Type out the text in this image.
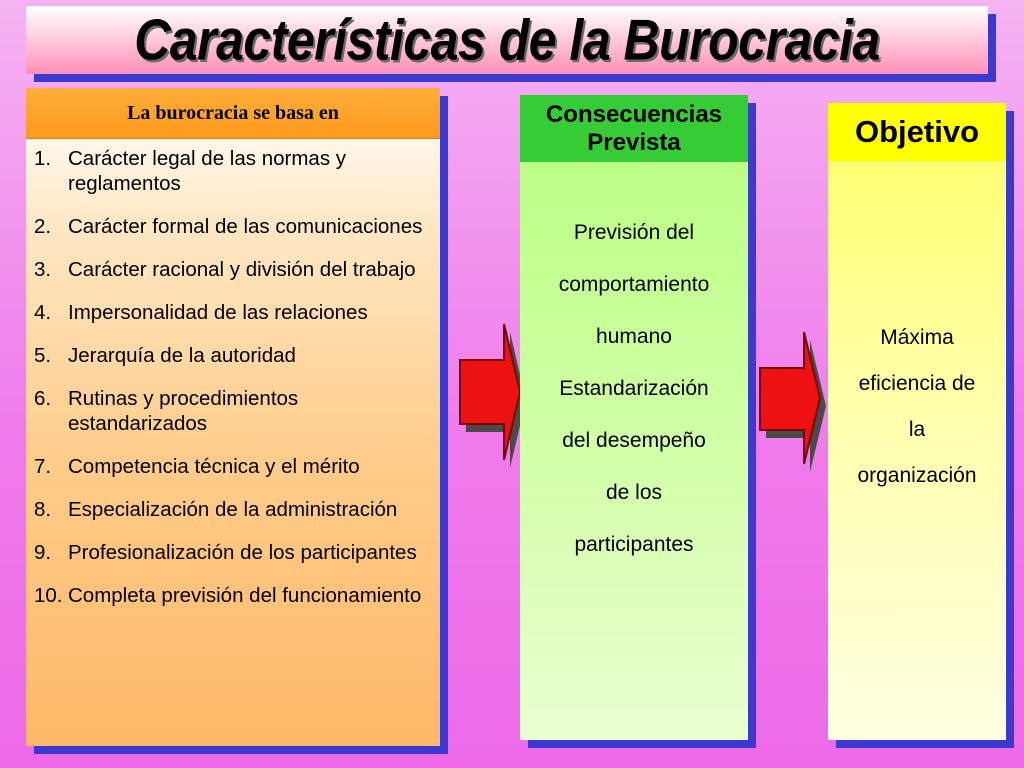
Características de la Burocracia
La burocracia se basa en
1. Carácter legal de las normas y reglamentos
2. Carácter formal de las comunicaciones
3. Carácter racional y división del trabajo
4. Impersonalidad de las relaciones
5. Jerarquía de la autoridad
6. Rutinas y procedimientos estandarizados
7. Competencia técnica y el mérito
8. Especialización de la administración
9. Profesionalización de los participantes
10. Completa previsión del funcionamiento
Consecuencias
Prevista
Previsión del
comportamiento
humano
Estandarización
del desempeño
de los
participantes
Objetivo
Máxima
eficiencia de
la
organización
